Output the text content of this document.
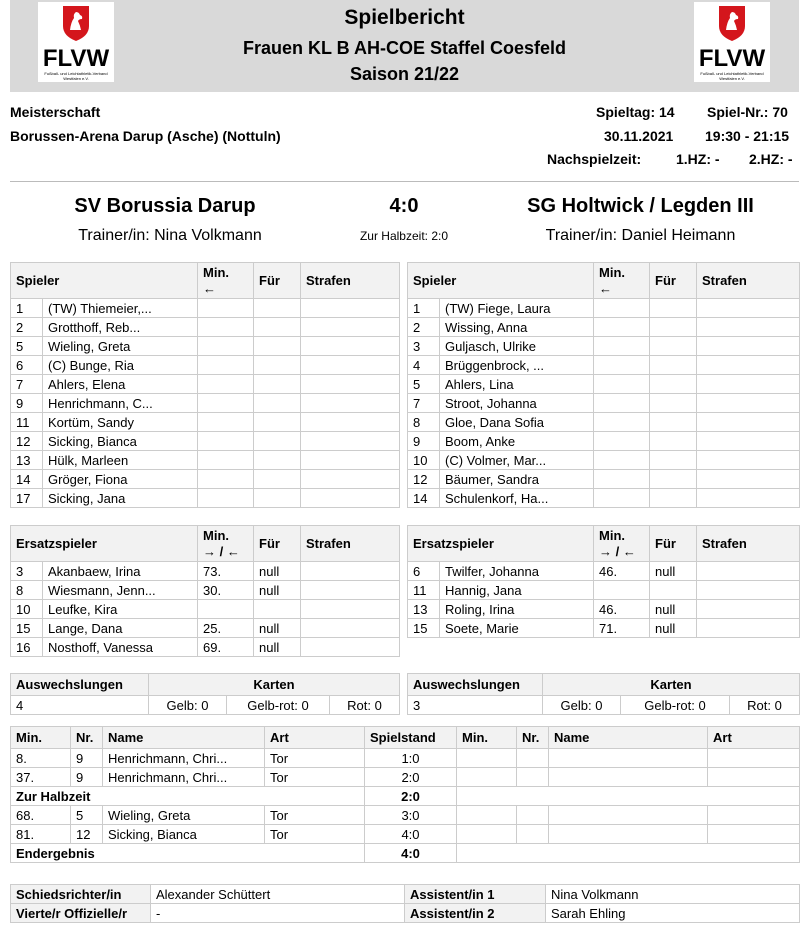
FLVW
Fußball- und Leichtathletik-Verband Westfalen e.V.
Spielbericht
Frauen KL B AH-COE Staffel Coesfeld
Saison 21/22
FLVW
Fußball- und Leichtathletik-Verband Westfalen e.V.
Meisterschaft
Borussen-Arena Darup (Asche) (Nottuln)
Spieltag: 14 Spiel-Nr.: 70
30.11.2021 19:30 - 21:15
Nachspielzeit: 1.HZ: - 2.HZ: -
SV Borussia Darup	4:0	SG Holtwick / Legden III
Trainer/in: Nina Volkmann	Zur Halbzeit: 2:0	Trainer/in: Daniel Heimann
Spieler		Min.
←	Für	Strafen
1	(TW) Thiemeier,...			
2	Grotthoff, Reb...			
5	Wieling, Greta			
6	(C) Bunge, Ria			
7	Ahlers, Elena			
9	Henrichmann, C...			
11	Kortüm, Sandy			
12	Sicking, Bianca			
13	Hülk, Marleen			
14	Gröger, Fiona			
17	Sicking, Jana			
Spieler		Min.
←	Für	Strafen
1	(TW) Fiege, Laura			
2	Wissing, Anna			
3	Guljasch, Ulrike			
4	Brüggenbrock, ...			
5	Ahlers, Lina			
7	Stroot, Johanna			
8	Gloe, Dana Sofia			
9	Boom, Anke			
10	(C) Volmer, Mar...			
12	Bäumer, Sandra			
14	Schulenkorf, Ha...			
Ersatzspieler		Min.
→ / ←	Für	Strafen
3	Akanbaew, Irina	73.	null	
8	Wiesmann, Jenn...	30.	null	
10	Leufke, Kira			
15	Lange, Dana	25.	null	
16	Nosthoff, Vanessa	69.	null	
Ersatzspieler		Min.
→ / ←	Für	Strafen
6	Twilfer, Johanna	46.	null	
11	Hannig, Jana			
13	Roling, Irina	46.	null	
15	Soete, Marie	71.	null	
Auswechslungen	Karten		
4	Gelb: 0	Gelb-rot: 0	Rot: 0
Auswechslungen	Karten		
3	Gelb: 0	Gelb-rot: 0	Rot: 0
Min.	Nr.	Name	Art	Spielstand	Min.	Nr.	Name	Art
8.	9	Henrichmann, Chri...	Tor	1:0				
37.	9	Henrichmann, Chri...	Tor	2:0				
Zur Halbzeit				2:0				
68.	5	Wieling, Greta	Tor	3:0				
81.	12	Sicking, Bianca	Tor	4:0				
Endergebnis				4:0				
Schiedsrichter/in	Alexander Schüttert	Assistent/in 1	Nina Volkmann
Vierte/r Offizielle/r	-	Assistent/in 2	Sarah Ehling
